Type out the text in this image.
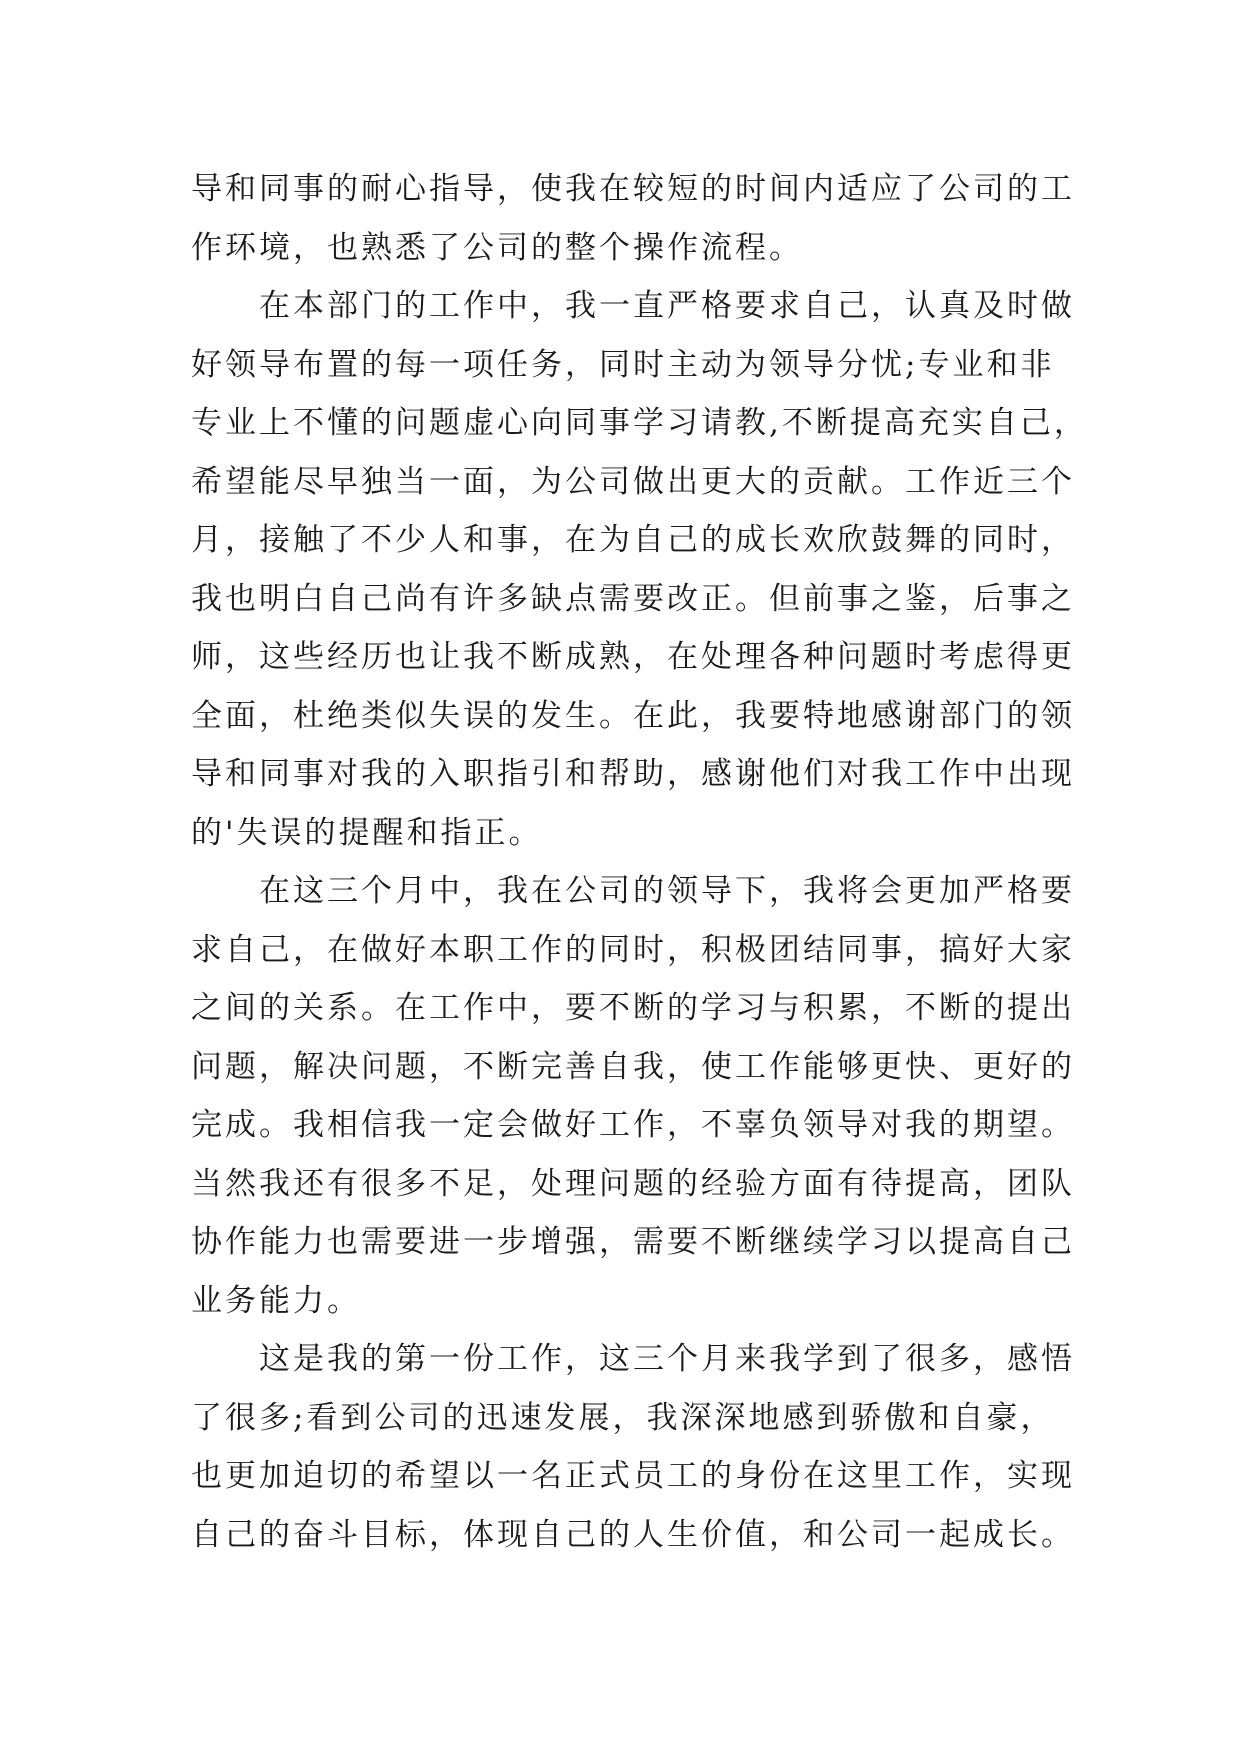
导和同事的耐心指导，使我在较短的时间内适应了公司的工
作环境，也熟悉了公司的整个操作流程。
在本部门的工作中，我一直严格要求自己，认真及时做
好领导布置的每一项任务，同时主动为领导分忧;专业和非
专业上不懂的问题虚心向同事学习请教,不断提高充实自己，
希望能尽早独当一面，为公司做出更大的贡献。工作近三个
月，接触了不少人和事，在为自己的成长欢欣鼓舞的同时，
我也明白自己尚有许多缺点需要改正。但前事之鉴，后事之
师，这些经历也让我不断成熟，在处理各种问题时考虑得更
全面，杜绝类似失误的发生。在此，我要特地感谢部门的领
导和同事对我的入职指引和帮助，感谢他们对我工作中出现
的'失误的提醒和指正。
在这三个月中，我在公司的领导下，我将会更加严格要
求自己，在做好本职工作的同时，积极团结同事，搞好大家
之间的关系。在工作中，要不断的学习与积累，不断的提出
问题，解决问题，不断完善自我，使工作能够更快、更好的
完成。我相信我一定会做好工作，不辜负领导对我的期望。
当然我还有很多不足，处理问题的经验方面有待提高，团队
协作能力也需要进一步增强，需要不断继续学习以提高自己
业务能力。
这是我的第一份工作，这三个月来我学到了很多，感悟
了很多;看到公司的迅速发展，我深深地感到骄傲和自豪，
也更加迫切的希望以一名正式员工的身份在这里工作，实现
自己的奋斗目标，体现自己的人生价值，和公司一起成长。
